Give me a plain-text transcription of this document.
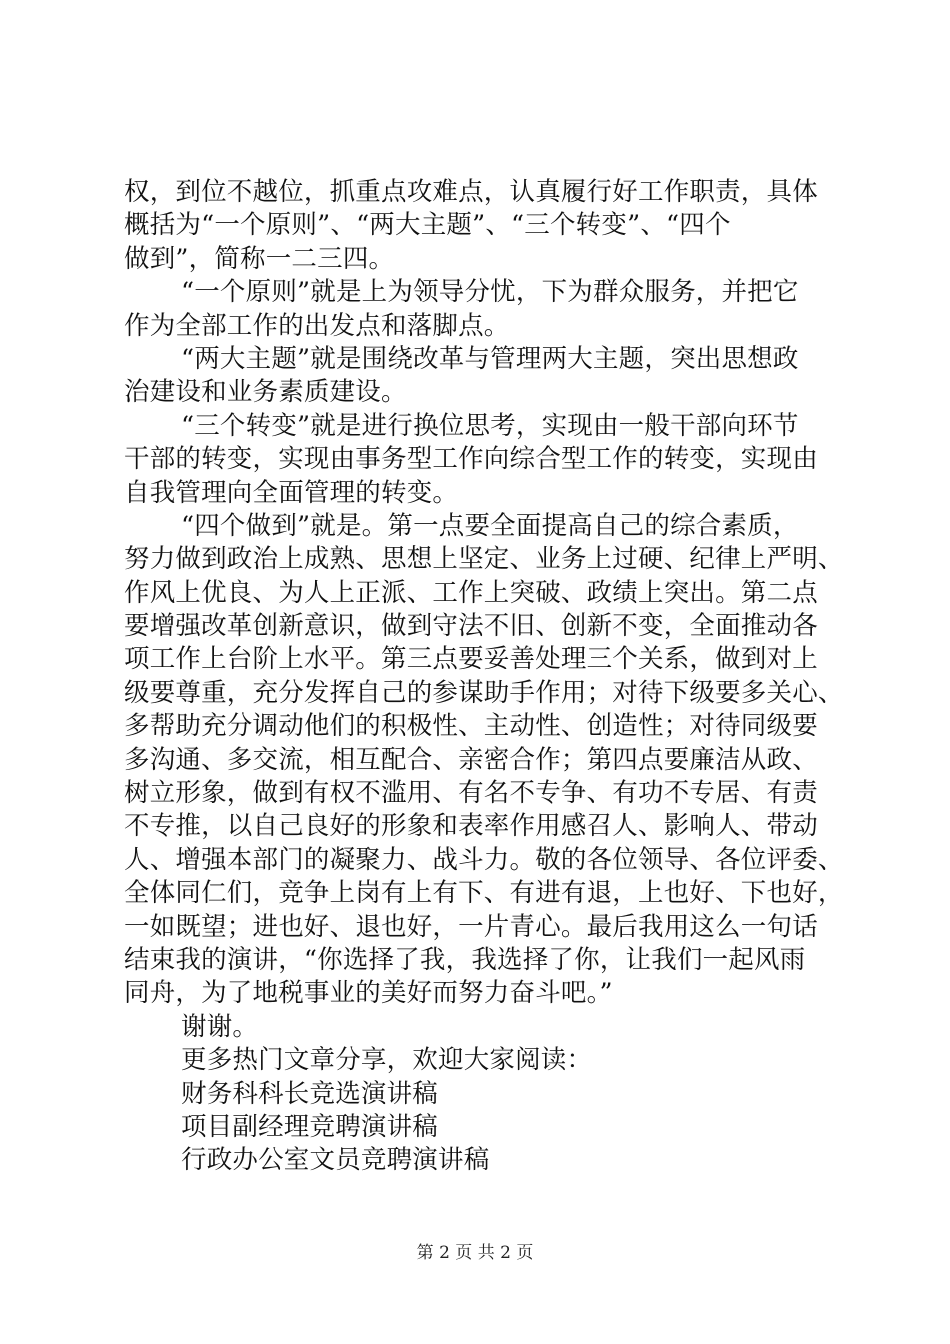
权，到位不越位，抓重点攻难点，认真履行好工作职责，具体
概括为“一个原则”、“两大主题”、“三个转变”、“四个
做到”，简称一二三四。
“一个原则”就是上为领导分忧，下为群众服务，并把它
作为全部工作的出发点和落脚点。
“两大主题”就是围绕改革与管理两大主题，突出思想政
治建设和业务素质建设。
“三个转变”就是进行换位思考，实现由一般干部向环节
干部的转变，实现由事务型工作向综合型工作的转变，实现由
自我管理向全面管理的转变。
“四个做到”就是。第一点要全面提高自己的综合素质，
努力做到政治上成熟、思想上坚定、业务上过硬、纪律上严明、
作风上优良、为人上正派、工作上突破、政绩上突出。第二点
要增强改革创新意识，做到守法不旧、创新不变，全面推动各
项工作上台阶上水平。第三点要妥善处理三个关系，做到对上
级要尊重，充分发挥自己的参谋助手作用；对待下级要多关心、
多帮助充分调动他们的积极性、主动性、创造性；对待同级要
多沟通、多交流，相互配合、亲密合作；第四点要廉洁从政、
树立形象，做到有权不滥用、有名不专争、有功不专居、有责
不专推，以自己良好的形象和表率作用感召人、影响人、带动
人、增强本部门的凝聚力、战斗力。敬的各位领导、各位评委、
全体同仁们，竞争上岗有上有下、有进有退，上也好、下也好，
一如既望；进也好、退也好，一片青心。最后我用这么一句话
结束我的演讲，“你选择了我，我选择了你，让我们一起风雨
同舟，为了地税事业的美好而努力奋斗吧。”
谢谢。
更多热门文章分享，欢迎大家阅读：
财务科科长竞选演讲稿
项目副经理竞聘演讲稿
行政办公室文员竞聘演讲稿
第 2 页 共 2 页
